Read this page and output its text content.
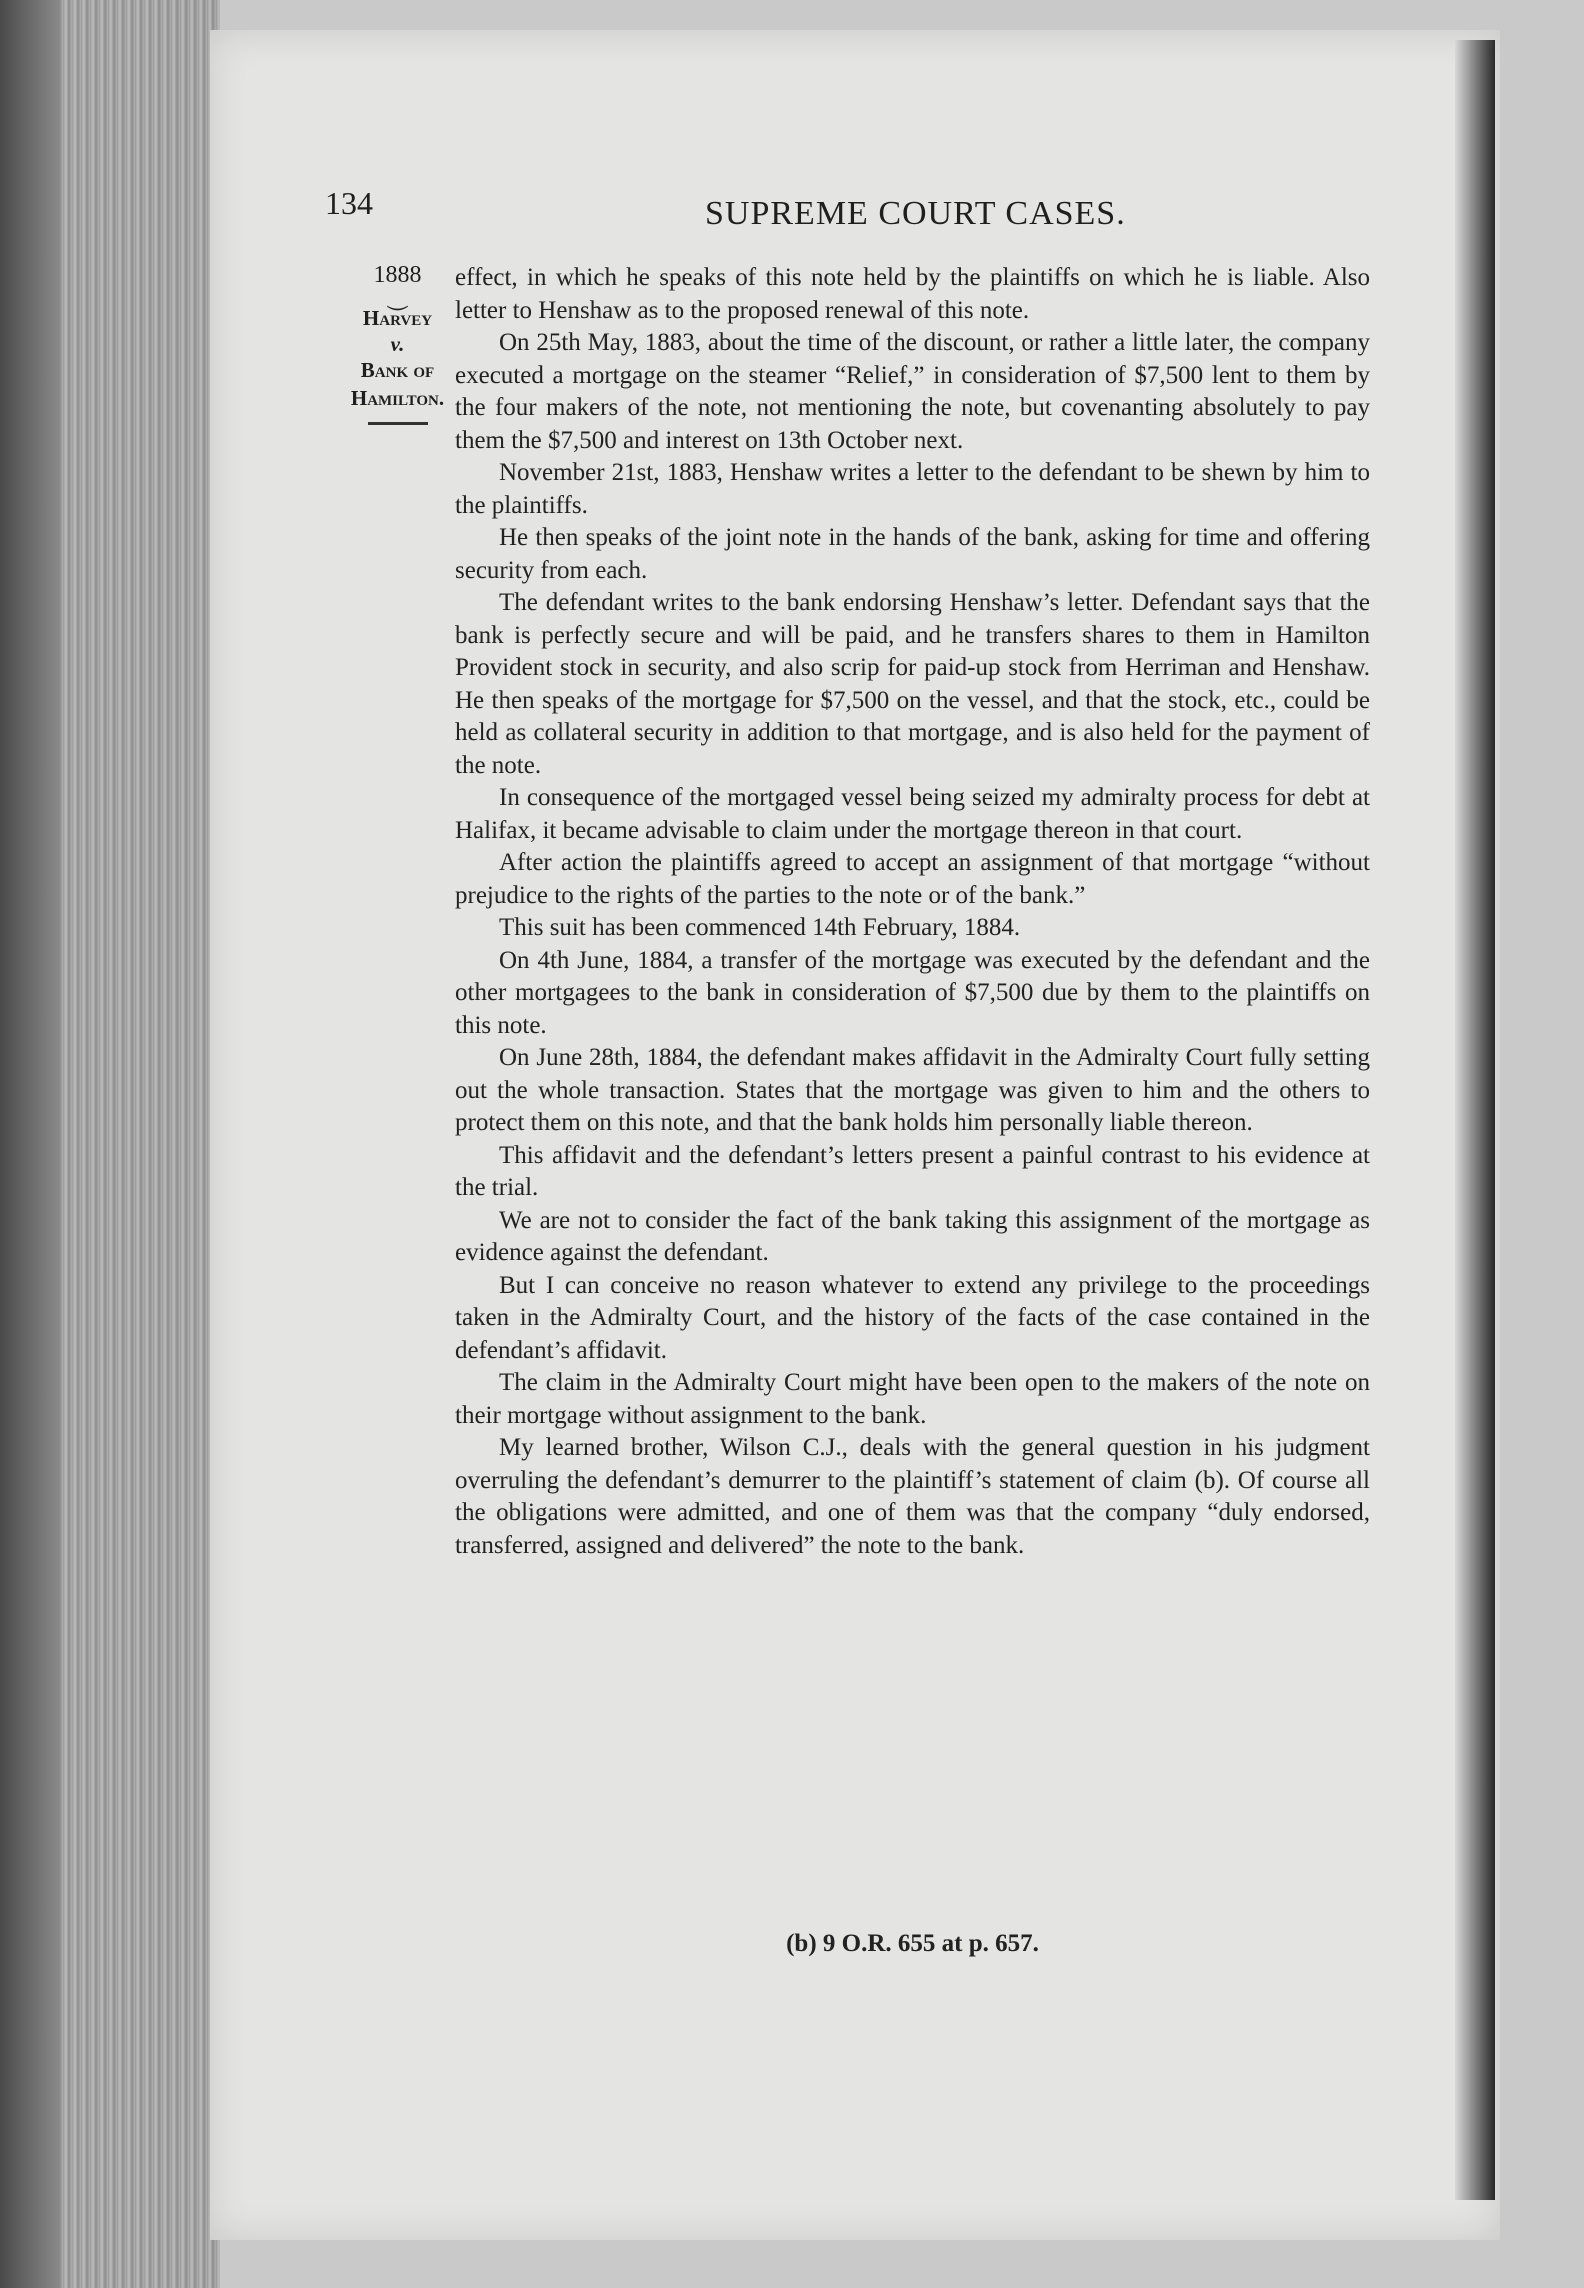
134	SUPREME COURT CASES.
1888
⏝
Harvey
v.
Bank of
Hamilton.

effect, in which he speaks of this note held by the plaintiffs on which he is liable. Also letter to Henshaw as to the proposed renewal of this note.

On 25th May, 1883, about the time of the discount, or rather a little later, the company executed a mortgage on the steamer “Relief,” in consideration of $7,500 lent to them by the four makers of the note, not mentioning the note, but covenanting absolutely to pay them the $7,500 and interest on 13th October next.

November 21st, 1883, Henshaw writes a letter to the defendant to be shewn by him to the plaintiffs.

He then speaks of the joint note in the hands of the bank, asking for time and offering security from each.

The defendant writes to the bank endorsing Henshaw’s letter. Defendant says that the bank is perfectly secure and will be paid, and he transfers shares to them in Hamilton Provident stock in security, and also scrip for paid-up stock from Herriman and Henshaw. He then speaks of the mortgage for $7,500 on the vessel, and that the stock, etc., could be held as collateral security in addition to that mortgage, and is also held for the payment of the note.

In consequence of the mortgaged vessel being seized my admiralty process for debt at Halifax, it became advisable to claim under the mortgage thereon in that court.

After action the plaintiffs agreed to accept an assignment of that mortgage “without prejudice to the rights of the parties to the note or of the bank.”

This suit has been commenced 14th February, 1884.

On 4th June, 1884, a transfer of the mortgage was executed by the defendant and the other mortgagees to the bank in consideration of $7,500 due by them to the plaintiffs on this note.

On June 28th, 1884, the defendant makes affidavit in the Admiralty Court fully setting out the whole transaction. States that the mortgage was given to him and the others to protect them on this note, and that the bank holds him personally liable thereon.

This affidavit and the defendant’s letters present a painful contrast to his evidence at the trial.

We are not to consider the fact of the bank taking this assignment of the mortgage as evidence against the defendant.

But I can conceive no reason whatever to extend any privilege to the proceedings taken in the Admiralty Court, and the history of the facts of the case contained in the defendant’s affidavit.

The claim in the Admiralty Court might have been open to the makers of the note on their mortgage without assignment to the bank.

My learned brother, Wilson C.J., deals with the general question in his judgment overruling the defendant’s demurrer to the plaintiff’s statement of claim (b). Of course all the obligations were admitted, and one of them was that the company “duly endorsed, transferred, assigned and delivered” the note to the bank.

(b) 9 O.R. 655 at p. 657.
